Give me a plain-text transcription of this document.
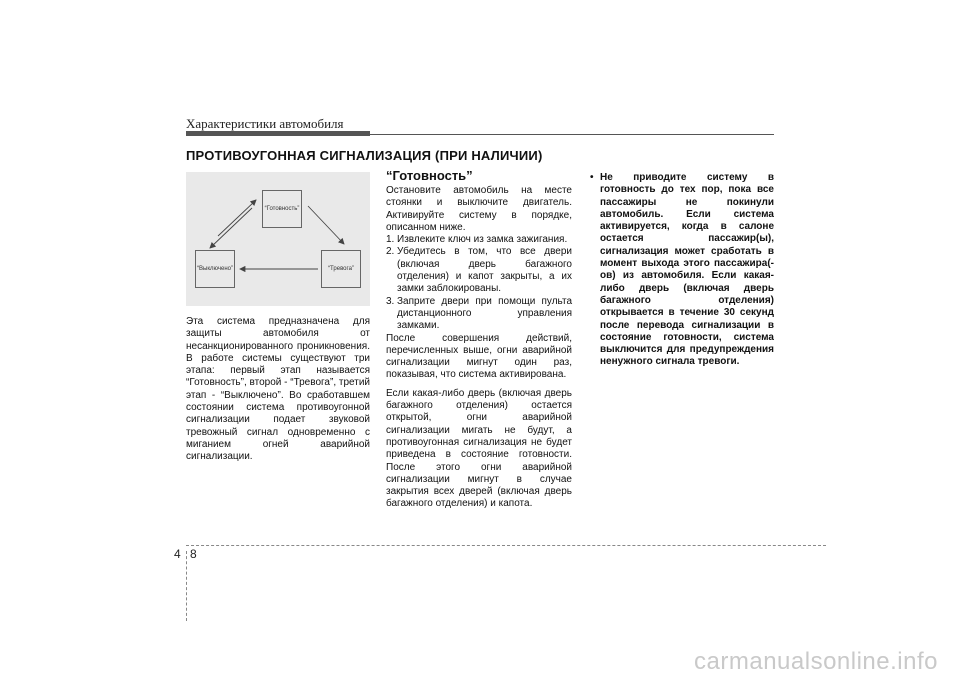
Характеристики автомобиля
ПРОТИВОУГОННАЯ СИГНАЛИЗАЦИЯ (ПРИ НАЛИЧИИ)
“Готовность”
“Выключено”	“Тревога”
Эта система предназначена для защиты автомобиля от несанкционированного проникновения. В работе системы существуют три этапа: первый этап называется “Готовность”, второй - “Тревога”, третий этап - “Выключено”. Во сработавшем состоянии система противоугонной сигнализации подает звуковой тревожный сигнал одновременно с миганием огней аварийной сигнализации.
“Готовность”
Остановите автомобиль на месте стоянки и выключите двигатель. Активируйте систему в порядке, описанном ниже.
1. Извлеките ключ из замка зажигания.
2. Убедитесь в том, что все двери (включая дверь багажного отделения) и капот закрыты, а их замки заблокированы.
3. Заприте двери при помощи пульта дистанционного управления замками.
После совершения действий, перечисленных выше, огни аварийной сигнализации мигнут один раз, показывая, что система активирована.
Если какая-либо дверь (включая дверь багажного отделения) остается открытой, огни аварийной сигнализации мигать не будут, а противоугонная сигнализация не будет приведена в состояние готовности. После этого огни аварийной сигнализации мигнут в случае закрытия всех дверей (включая дверь багажного отделения) и капота.
• Не приводите систему в готовность до тех пор, пока все пассажиры не покинули автомобиль. Если система активируется, когда в салоне остается пассажир(ы), сигнализация может сработать в момент выхода этого пассажира(-ов) из автомобиля. Если какая-либо дверь (включая дверь багажного отделения) открывается в течение 30 секунд после перевода сигнализации в состояние готовности, система выключится для предупреждения ненужного сигнала тревоги.
4 8
carmanualsonline.info
